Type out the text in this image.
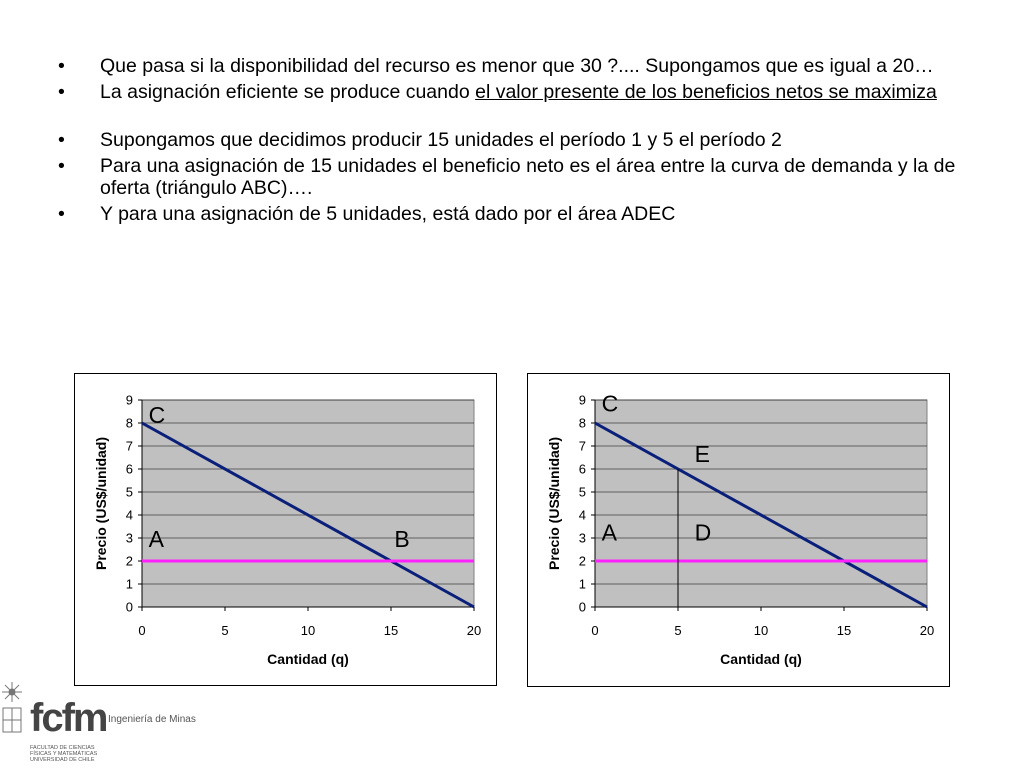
• Que pasa si la disponibilidad del recurso es menor que 30 ?.... Supongamos que es igual a 20…
• La asignación eficiente se produce cuando el valor presente de los beneficios netos se maximiza
• Supongamos que decidimos producir 15 unidades el período 1 y 5 el período 2
• Para una asignación de 15 unidades el beneficio neto es el área entre la curva de demanda y la de oferta (triángulo ABC)….
• Y para una asignación de 5 unidades, está dado por el área ADEC
0
1
2
3
4
5
6
7
8
9
0	5	10	15	20
C
A	B
Cantidad (q)
Precio (US$/unidad)
0
1
2
3
4
5
6
7
8
9
0	5	10	15	20
C
E
A	D
Cantidad (q)
Precio (US$/unidad)
fcfm Ingeniería de Minas
FACULTAD DE CIENCIAS FÍSICAS Y MATEMÁTICAS UNIVERSIDAD DE CHILE
